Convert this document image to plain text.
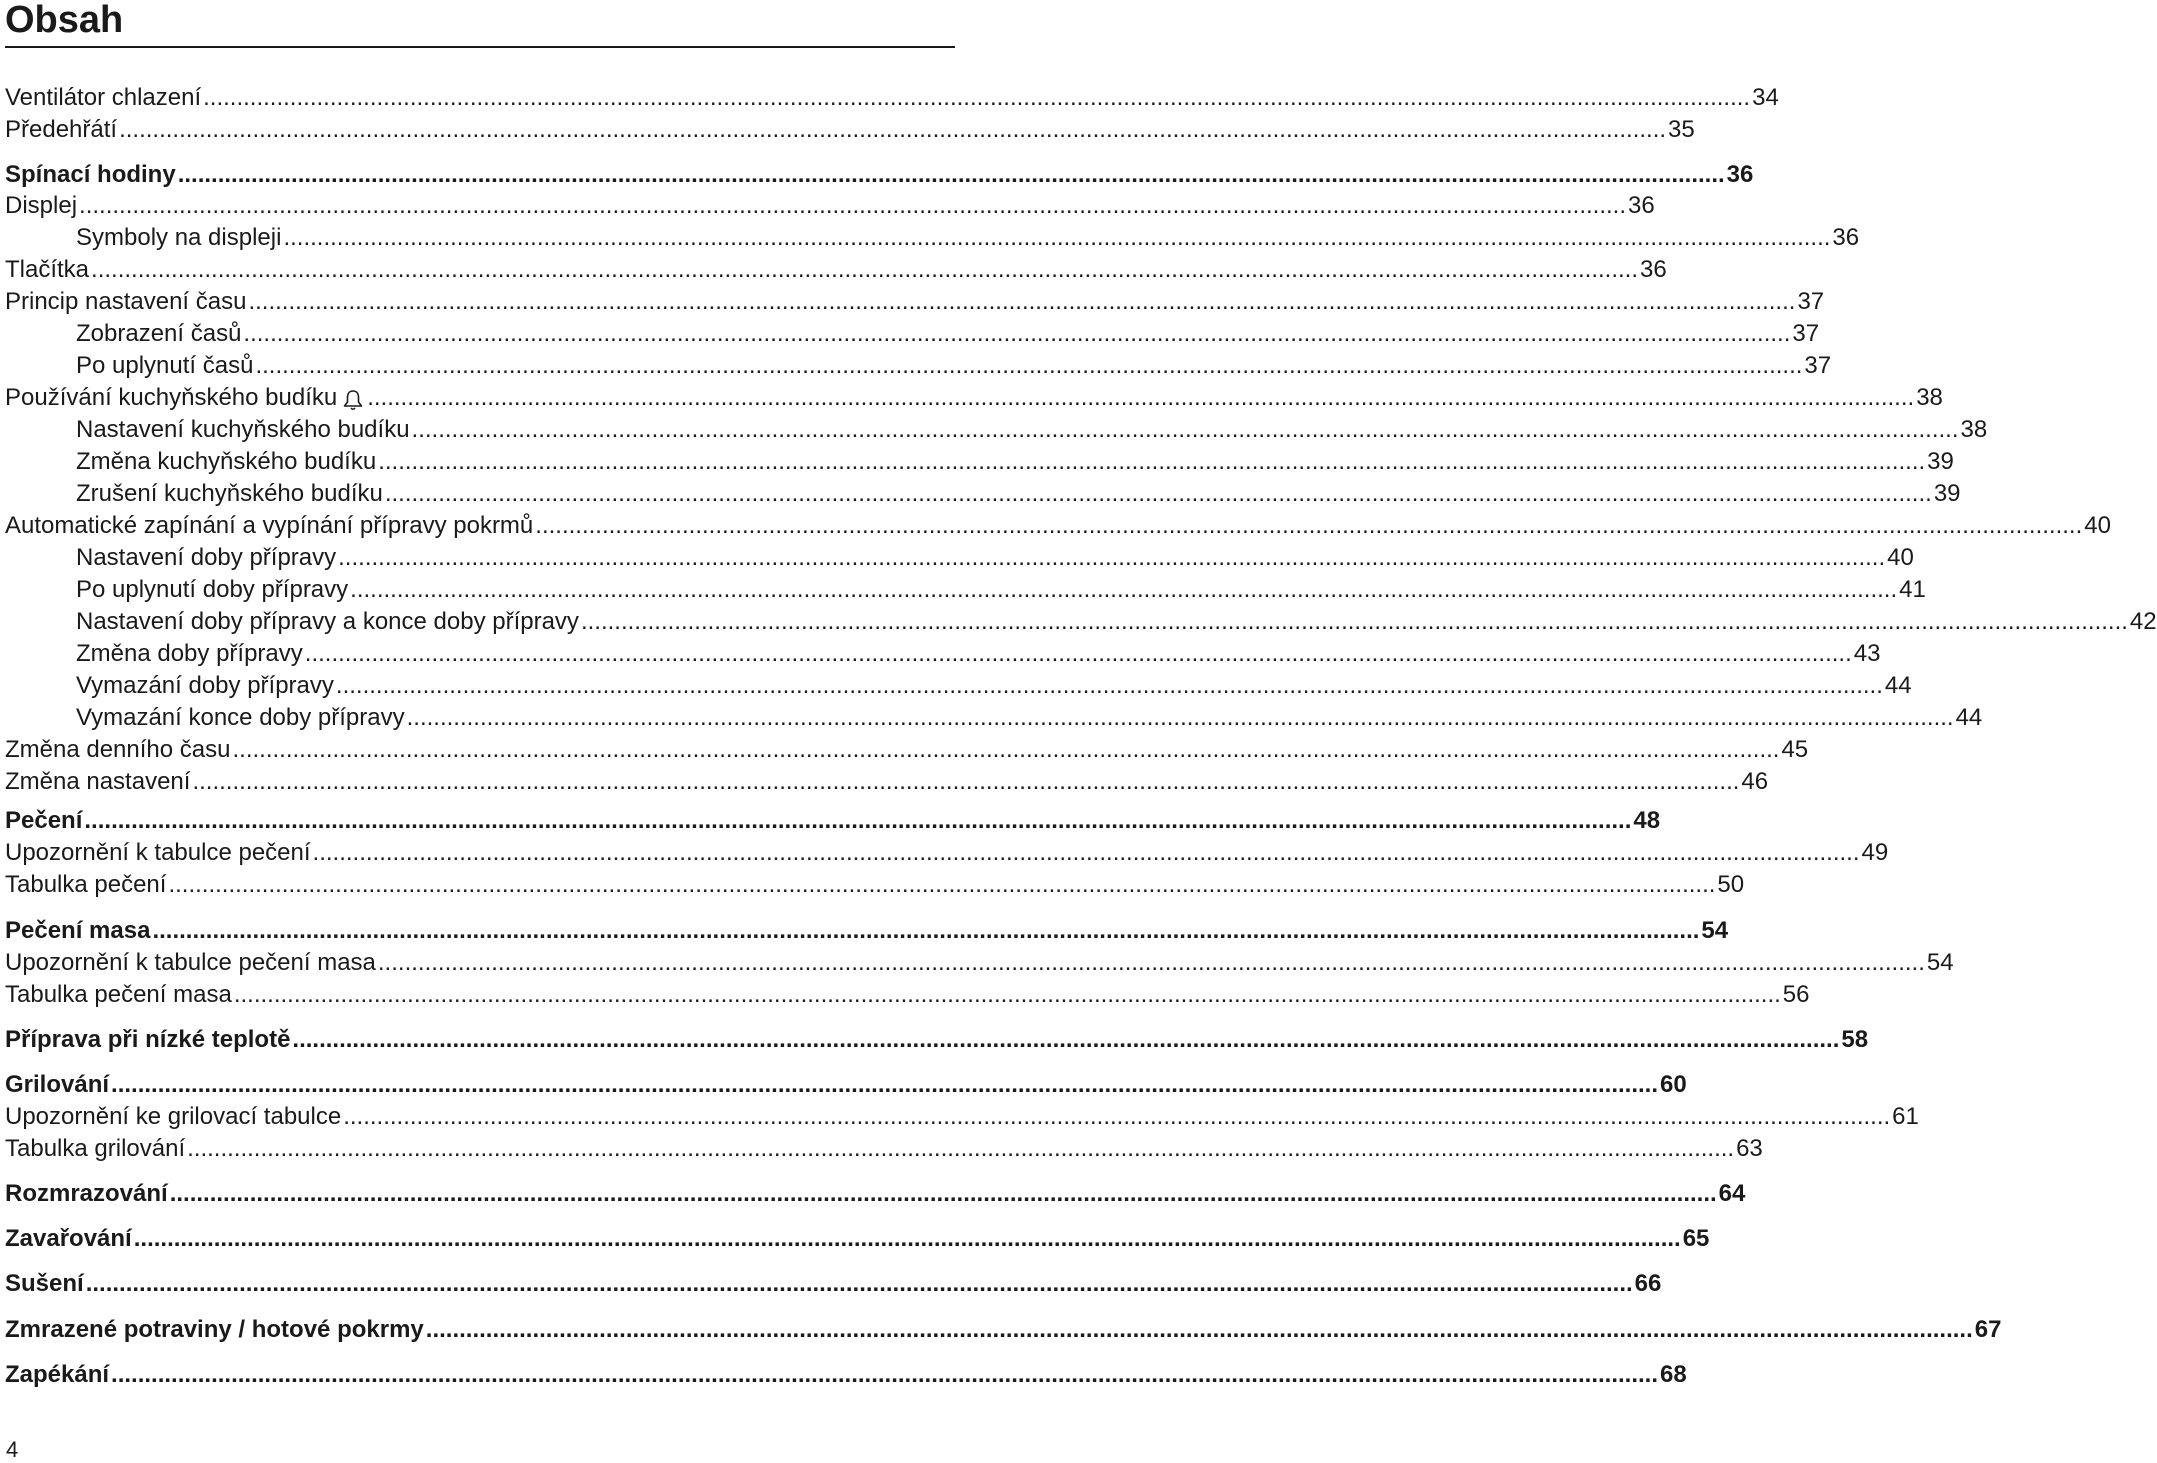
Obsah
Ventilátor chlazení .....	34
Předehřátí .....	35
Spínací hodiny .....	36
Displej .....	36
Symboly na displeji .....	36
Tlačítka .....	36
Princip nastavení času .....	37
Zobrazení časů .....	37
Po uplynutí časů .....	37
Používání kuchyňského budíku .....	38
Nastavení kuchyňského budíku .....	38
Změna kuchyňského budíku .....	39
Zrušení kuchyňského budíku .....	39
Automatické zapínání a vypínání přípravy pokrmů .....	40
Nastavení doby přípravy .....	40
Po uplynutí doby přípravy .....	41
Nastavení doby přípravy a konce doby přípravy .....	42
Změna doby přípravy .....	43
Vymazání doby přípravy .....	44
Vymazání konce doby přípravy .....	44
Změna denního času .....	45
Změna nastavení .....	46
Pečení .....	48
Upozornění k tabulce pečení .....	49
Tabulka pečení .....	50
Pečení masa .....	54
Upozornění k tabulce pečení masa .....	54
Tabulka pečení masa .....	56
Příprava při nízké teplotě .....	58
Grilování .....	60
Upozornění ke grilovací tabulce .....	61
Tabulka grilování .....	63
Rozmrazování .....	64
Zavařování .....	65
Sušení .....	66
Zmrazené potraviny / hotové pokrmy .....	67
Zapékání .....	68
4
